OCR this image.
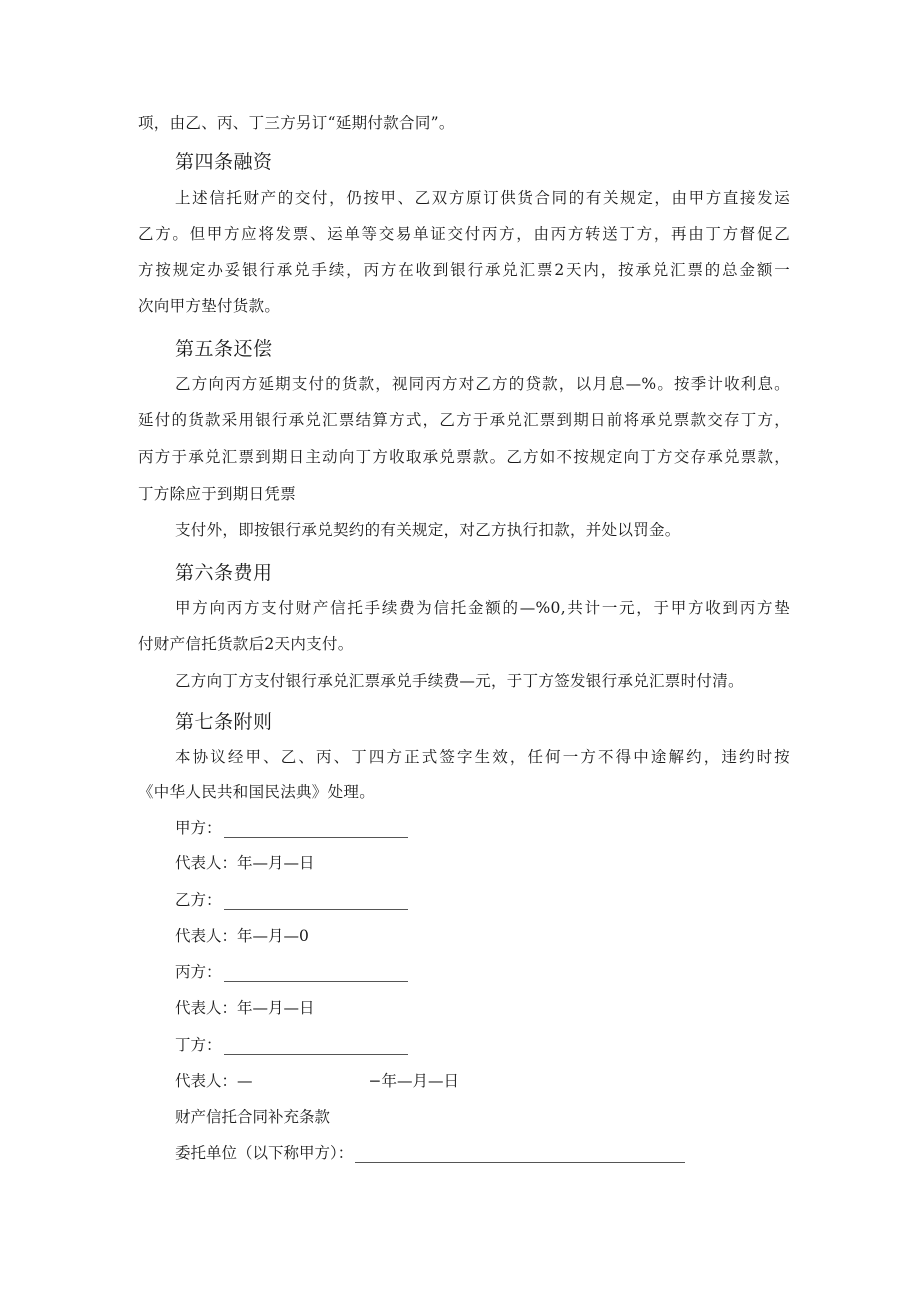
项，由乙、丙、丁三方另订“延期付款合同”。
第四条融资
上述信托财产的交付，仍按甲、乙双方原订供货合同的有关规定，由甲方直接发运
乙方。但甲方应将发票、运单等交易单证交付丙方，由丙方转送丁方，再由丁方督促乙
方按规定办妥银行承兑手续，丙方在收到银行承兑汇票2天内，按承兑汇票的总金额一
次向甲方垫付货款。
第五条还偿
乙方向丙方延期支付的货款，视同丙方对乙方的贷款，以月息—%。按季计收利息。
延付的货款采用银行承兑汇票结算方式，乙方于承兑汇票到期日前将承兑票款交存丁方，
丙方于承兑汇票到期日主动向丁方收取承兑票款。乙方如不按规定向丁方交存承兑票款，
丁方除应于到期日凭票
支付外，即按银行承兑契约的有关规定，对乙方执行扣款，并处以罚金。
第六条费用
甲方向丙方支付财产信托手续费为信托金额的—%0,共计一元，于甲方收到丙方垫
付财产信托货款后2天内支付。
乙方向丁方支付银行承兑汇票承兑手续费—元，于丁方签发银行承兑汇票时付清。
第七条附则
本协议经甲、乙、丙、丁四方正式签字生效，任何一方不得中途解约，违约时按
《中华人民共和国民法典》处理。
甲方：
代表人：年—月—日
乙方：
代表人：年—月—0
丙方：
代表人：年—月—日
丁方：
代表人：—	−年—月—日
财产信托合同补充条款
委托单位（以下称甲方）：
